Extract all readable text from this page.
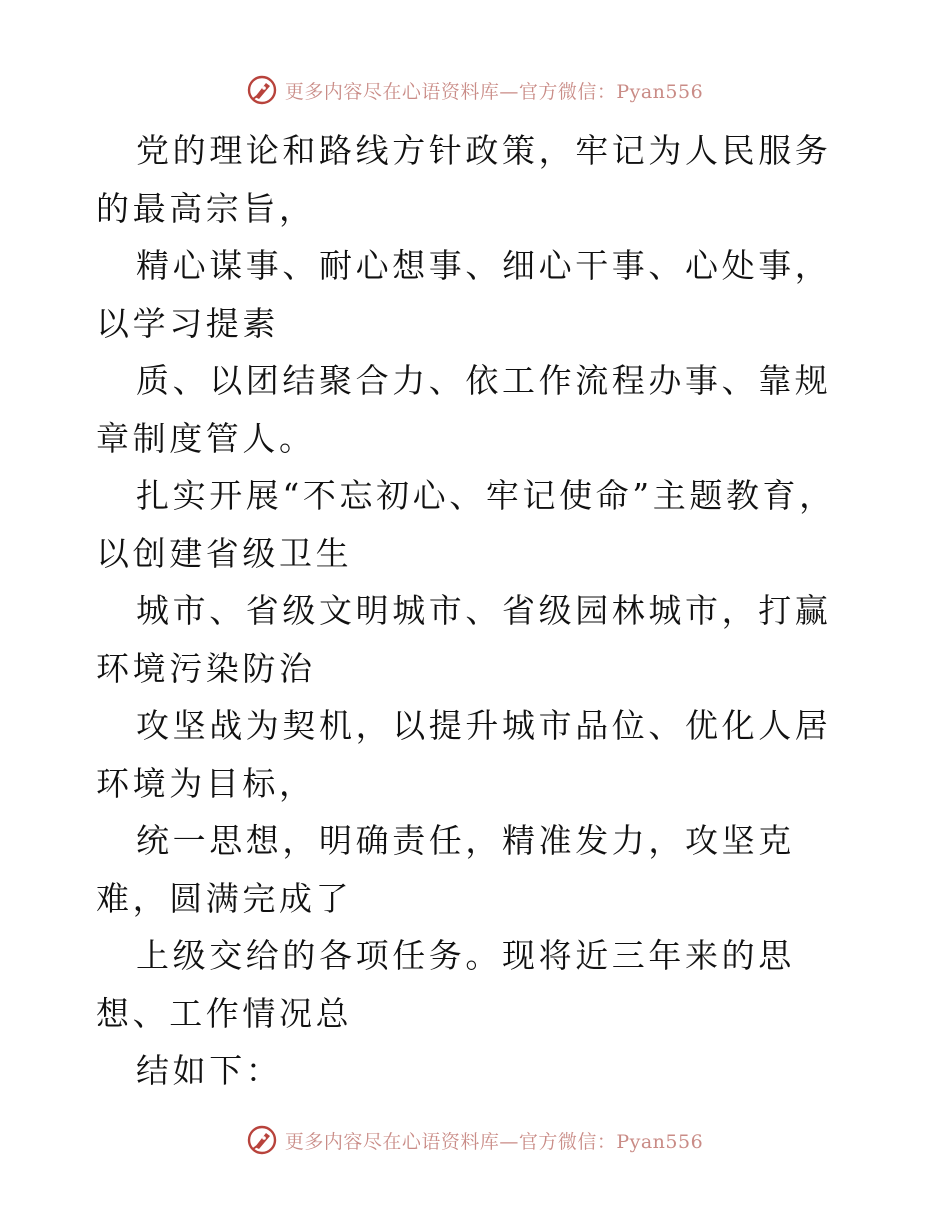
更多内容尽在心语资料库—官方微信：Pyan556

党的理论和路线方针政策，牢记为人民服务的最高宗旨，

精心谋事、耐心想事、细心干事、心处事，以学习提素

质、以团结聚合力、依工作流程办事、靠规章制度管人。

扎实开展“不忘初心、牢记使命”主题教育，以创建省级卫生

城市、省级文明城市、省级园林城市，打赢环境污染防治

攻坚战为契机，以提升城市品位、优化人居环境为目标，

统一思想，明确责任，精准发力，攻坚克难，圆满完成了

上级交给的各项任务。现将近三年来的思想、工作情况总

结如下：

更多内容尽在心语资料库—官方微信：Pyan556
